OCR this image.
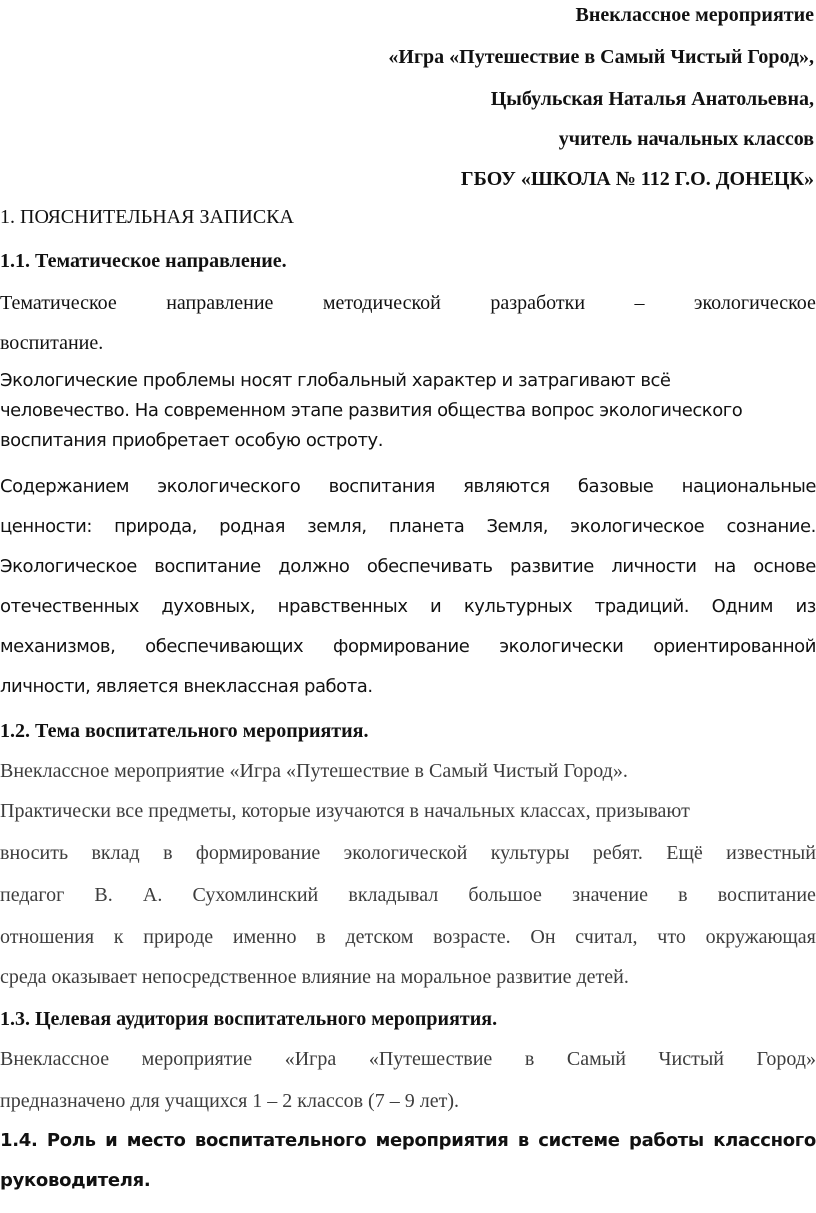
Внеклассное мероприятие
«Игра «Путешествие в Самый Чистый Город»,
Цыбульская Наталья Анатольевна,
учитель начальных классов
ГБОУ «ШКОЛА № 112 Г.О. ДОНЕЦК»
1. ПОЯСНИТЕЛЬНАЯ ЗАПИСКА
1.1. Тематическое направление.
Тематическое направление методической разработки – экологическое
воспитание.
Экологические проблемы носят глобальный характер и затрагивают всё
человечество. На современном этапе развития общества вопрос экологического
воспитания приобретает особую остроту.
Содержанием экологического воспитания являются базовые национальные
ценности: природа, родная земля, планета Земля, экологическое сознание.
Экологическое воспитание должно обеспечивать развитие личности на основе
отечественных духовных, нравственных и культурных традиций. Одним из
механизмов, обеспечивающих формирование экологически ориентированной
личности, является внеклассная работа.
1.2. Тема воспитательного мероприятия.
Внеклассное мероприятие «Игра «Путешествие в Самый Чистый Город».
Практически все предметы, которые изучаются в начальных классах, призывают
вносить вклад в формирование экологической культуры ребят. Ещё известный
педагог В. А. Сухомлинский вкладывал большое значение в воспитание
отношения к природе именно в детском возрасте. Он считал, что окружающая
среда оказывает непосредственное влияние на моральное развитие детей.
1.3. Целевая аудитория воспитательного мероприятия.
Внеклассное мероприятие «Игра «Путешествие в Самый Чистый Город»
предназначено для учащихся 1 – 2 классов (7 – 9 лет).
1.4. Роль и место воспитательного мероприятия в системе работы классного
руководителя.
